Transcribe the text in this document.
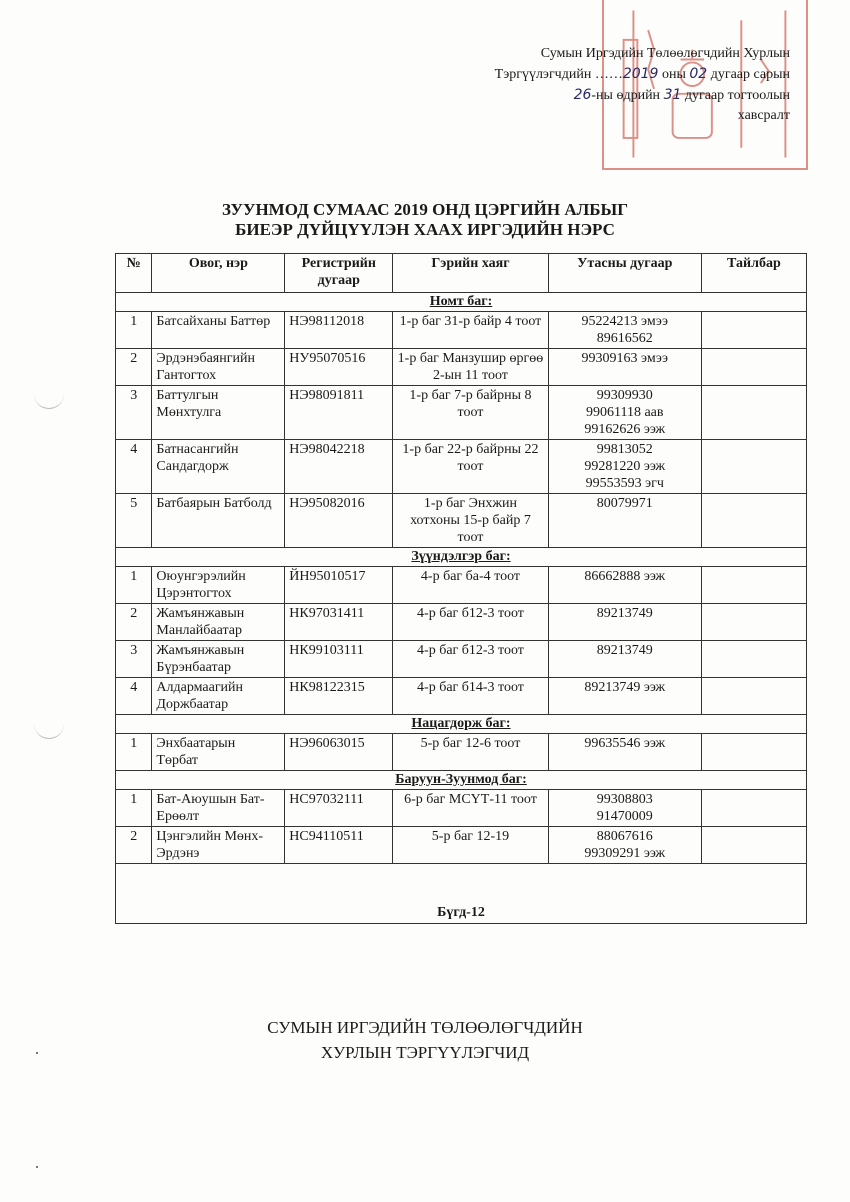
Сумын Иргэдийн Төлөөлөгчдийн Хурлын
Тэргүүлэгчдийн ……2019 оны 02 дугаар сарын
26-ны өдрийн 31 дугаар тогтоолын
хавсралт
ЗУУНМОД СУМААС 2019 ОНД ЦЭРГИЙН АЛБЫГ
БИЕЭР ДҮЙЦҮҮЛЭН ХААХ ИРГЭДИЙН НЭРС
№	Овог, нэр	Регистрийн дугаар	Гэрийн хаяг	Утасны дугаар	Тайлбар
Номт баг:					
1	Батсайханы Баттөр	НЭ98112018	1-р баг 31-р байр 4 тоот	95224213 эмээ
89616562	

2	Эрдэнэбаянгийн Гантогтох	НУ95070516	1-р баг Манзушир өргөө 2-ын 11 тоот	99309163 эмээ	

3	Баттулгын Мөнхтулга	НЭ98091811	1-р баг 7-р байрны 8 тоот	99309930
99061118 аав
99162626 ээж	

4	Батнасангийн Сандагдорж	НЭ98042218	1-р баг 22-р байрны 22 тоот	99813052
99281220 ээж
99553593 эгч	

5	Батбаярын Батболд	НЭ95082016	1-р баг Энхжин хотхоны 15-р байр 7 тоот	80079971	

Зүүндэлгэр баг:					
1	Оюунгэрэлийн Цэрэнтогтох	ЙН95010517	4-р баг ба-4 тоот	86662888 ээж	

2	Жамъянжавын Манлайбаатар	НК97031411	4-р баг б12-3 тоот	89213749	

3	Жамъянжавын Бүрэнбаатар	НК99103111	4-р баг б12-3 тоот	89213749	

4	Алдармаагийн Доржбаатар	НК98122315	4-р баг б14-3 тоот	89213749 ээж	

Нацагдорж баг:					
1	Энхбаатарын Төрбат	НЭ96063015	5-р баг 12-6 тоот	99635546 ээж	

Баруун-Зуунмод баг:					
1	Бат-Аюушын Бат-Ерөөлт	НС97032111	6-р баг МСҮТ-11 тоот	99308803
91470009	

2	Цэнгэлийн Мөнх-Эрдэнэ	НС94110511	5-р баг 12-19	88067616
99309291 ээж	

Бүгд-12					
СУМЫН ИРГЭДИЙН ТӨЛӨӨЛӨГЧДИЙН
ХУРЛЫН ТЭРГҮҮЛЭГЧИД
